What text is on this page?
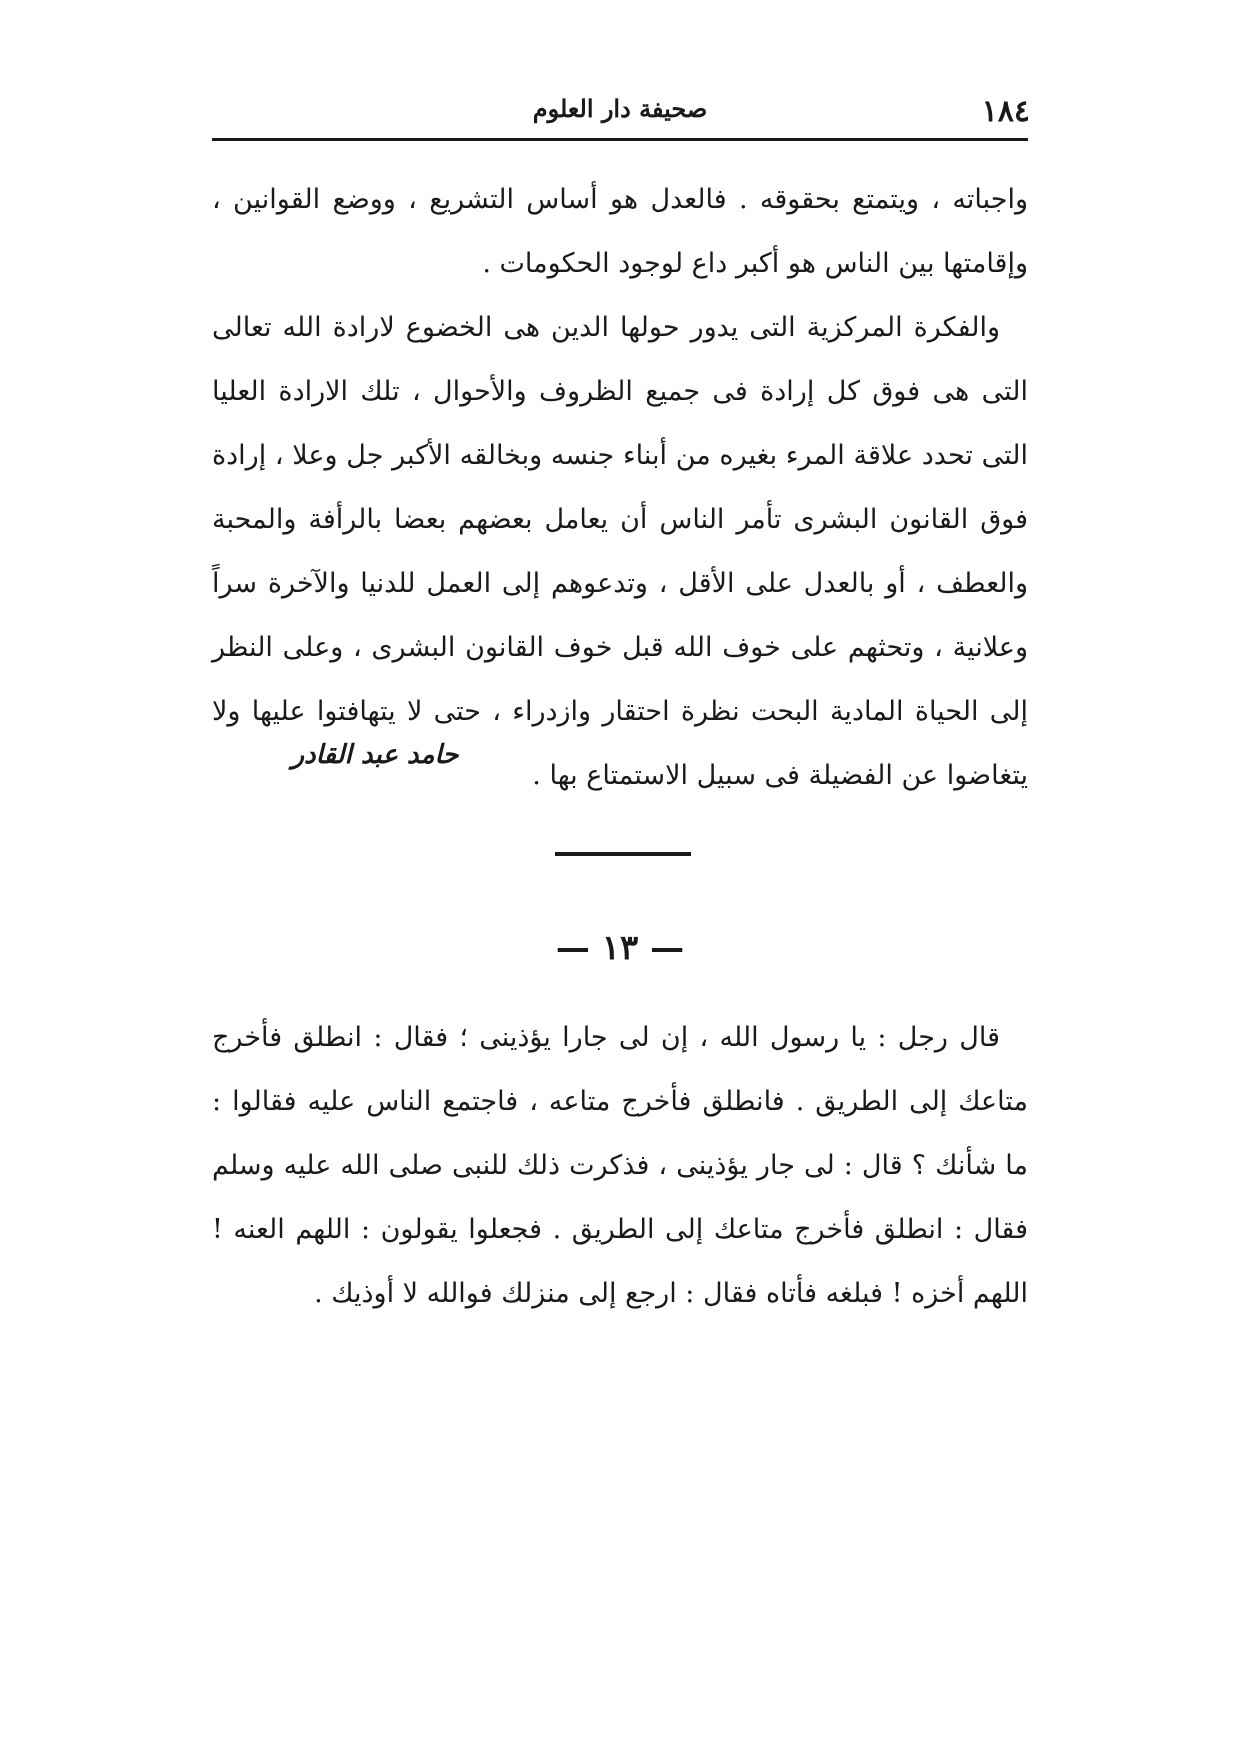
١٨٤
صحيفة دار العلوم

واجباته ، ويتمتع بحقوقه . فالعدل هو أساس التشريع ، ووضع القوانين ، وإقامتها بين الناس هو أكبر داع لوجود الحكومات .

والفكرة المركزية التى يدور حولها الدين هى الخضوع لارادة الله تعالى التى هى فوق كل إرادة فى جميع الظروف والأحوال ، تلك الارادة العليا التى تحدد علاقة المرء بغيره من أبناء جنسه وبخالقه الأكبر جل وعلا ، إرادة فوق القانون البشرى تأمر الناس أن يعامل بعضهم بعضا بالرأفة والمحبة والعطف ، أو بالعدل على الأقل ، وتدعوهم إلى العمل للدنيا والآخرة سراً وعلانية ، وتحثهم على خوف الله قبل خوف القانون البشرى ، وعلى النظر إلى الحياة المادية البحت نظرة احتقار وازدراء ، حتى لا يتهافتوا عليها ولا يتغاضوا عن الفضيلة فى سبيل الاستمتاع بها .

حامد عبد القادر
— ١٣ —

قال رجل : يا رسول الله ، إن لى جارا يؤذينى ؛ فقال : انطلق فأخرج متاعك إلى الطريق . فانطلق فأخرج متاعه ، فاجتمع الناس عليه فقالوا : ما شأنك ؟ قال : لى جار يؤذينى ، فذكرت ذلك للنبى صلى الله عليه وسلم فقال : انطلق فأخرج متاعك إلى الطريق . فجعلوا يقولون : اللهم العنه ! اللهم أخزه ! فبلغه فأتاه فقال : ارجع إلى منزلك فوالله لا أوذيك .
